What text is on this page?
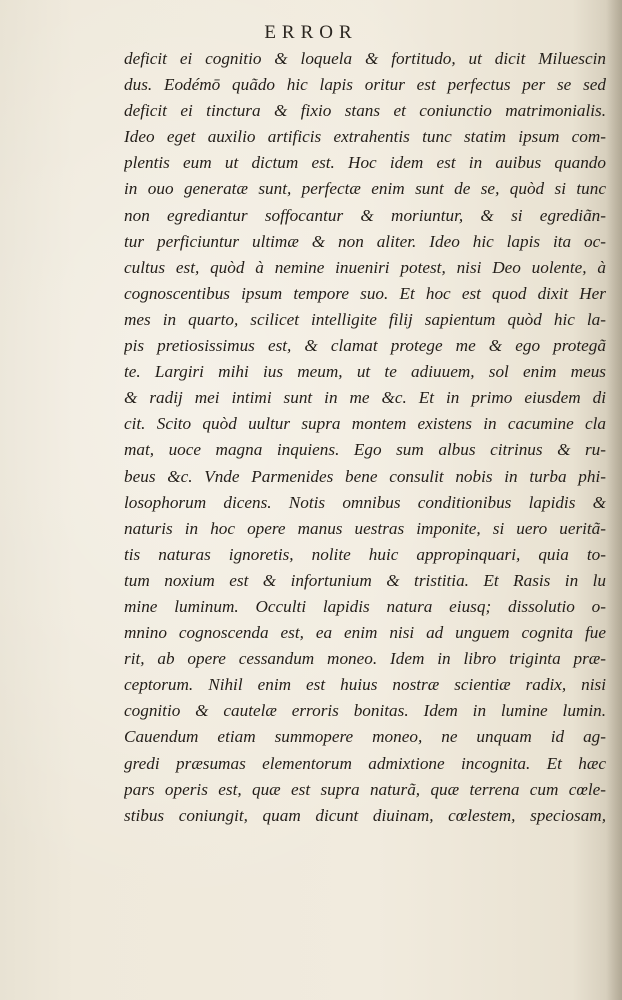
ERROR
deficit ei cognitio & loquela & fortitudo, ut dicit Miluescin
dus. Eodémō quãdo hic lapis oritur est perfectus per se sed
deficit ei tinctura & fixio stans et coniunctio matrimonialis.
Ideo eget auxilio artificis extrahentis tunc statim ipsum com-
plentis eum ut dictum est. Hoc idem est in auibus quando
in ouo generatæ sunt, perfectæ enim sunt de se, quòd si tunc
non egrediantur soffocantur & moriuntur, & si egrediãn-
tur perficiuntur ultimæ & non aliter. Ideo hic lapis ita oc-
cultus est, quòd à nemine inueniri potest, nisi Deo uolente, à
cognoscentibus ipsum tempore suo. Et hoc est quod dixit Her
mes in quarto, scilicet intelligite filij sapientum quòd hic la-
pis pretiosissimus est, & clamat protege me & ego protegã
te. Largiri mihi ius meum, ut te adiuuem, sol enim meus
& radij mei intimi sunt in me &c. Et in primo eiusdem di
cit. Scito quòd uultur supra montem existens in cacumine cla
mat, uoce magna inquiens. Ego sum albus citrinus & ru-
beus &c. Vnde Parmenides bene consulit nobis in turba phi-
losophorum dicens. Notis omnibus conditionibus lapidis &
naturis in hoc opere manus uestras imponite, si uero ueritã-
tis naturas ignoretis, nolite huic appropinquari, quia to-
tum noxium est & infortunium & tristitia. Et Rasis in lu
mine luminum. Occulti lapidis natura eiusq; dissolutio o-
mnino cognoscenda est, ea enim nisi ad unguem cognita fue
rit, ab opere cessandum moneo. Idem in libro triginta præ-
ceptorum. Nihil enim est huius nostræ scientiæ radix, nisi
cognitio & cautelæ erroris bonitas. Idem in lumine lumin.
Cauendum etiam summopere moneo, ne unquam id ag-
gredi præsumas elementorum admixtione incognita. Et hæc
pars operis est, quæ est supra naturã, quæ terrena cum cœle-
stibus coniungit, quam dicunt diuinam, cœlestem, speciosam,
